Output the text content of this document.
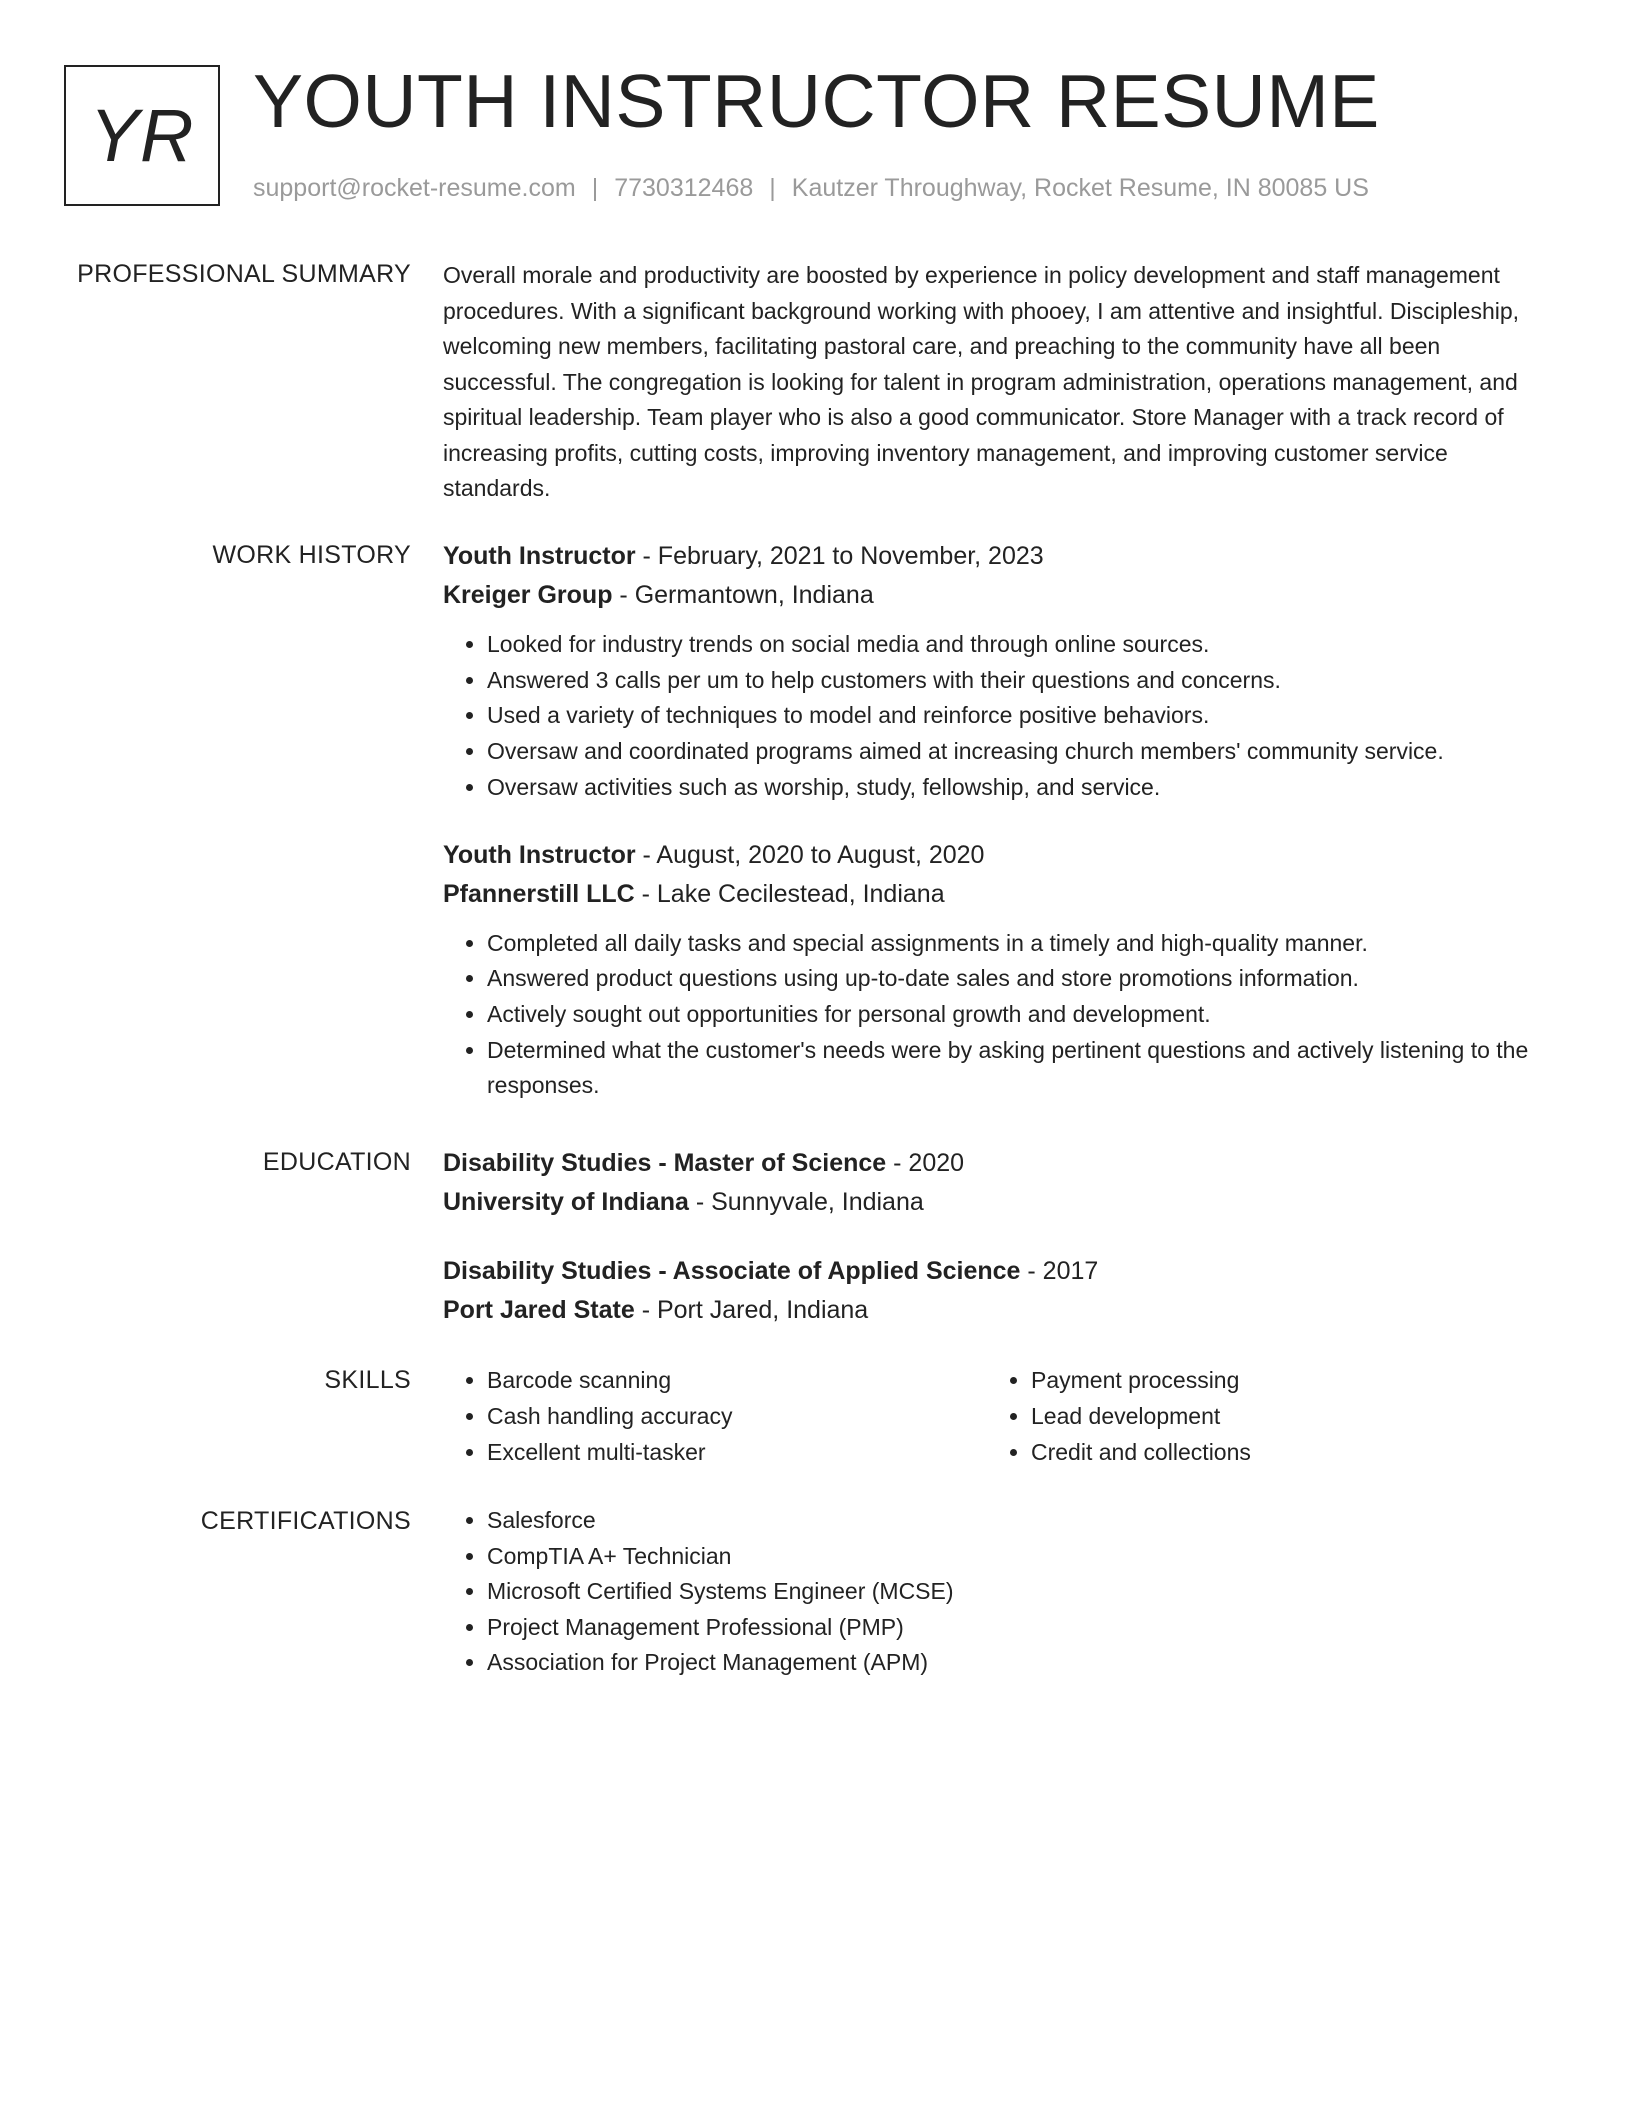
YR YOUTH INSTRUCTOR RESUME
support@rocket-resume.com | 7730312468 | Kautzer Throughway, Rocket Resume, IN 80085 US
PROFESSIONAL SUMMARY Overall morale and productivity are boosted by experience in policy development and staff management procedures. With a significant background working with phooey, I am attentive and insightful. Discipleship, welcoming new members, facilitating pastoral care, and preaching to the community have all been successful. The congregation is looking for talent in program administration, operations management, and spiritual leadership. Team player who is also a good communicator. Store Manager with a track record of increasing profits, cutting costs, improving inventory management, and improving customer service standards.

WORK HISTORY Youth Instructor - February, 2021 to November, 2023

Kreiger Group - Germantown, Indiana

• Looked for industry trends on social media and through online sources.
• Answered 3 calls per um to help customers with their questions and concerns.
• Used a variety of techniques to model and reinforce positive behaviors.
• Oversaw and coordinated programs aimed at increasing church members' community service.
• Oversaw activities such as worship, study, fellowship, and service.

Youth Instructor - August, 2020 to August, 2020

Pfannerstill LLC - Lake Cecilestead, Indiana

• Completed all daily tasks and special assignments in a timely and high-quality manner.
• Answered product questions using up-to-date sales and store promotions information.
• Actively sought out opportunities for personal growth and development.
• Determined what the customer's needs were by asking pertinent questions and actively listening to the responses.
EDUCATION Disability Studies - Master of Science - 2020

University of Indiana - Sunnyvale, Indiana

Disability Studies - Associate of Applied Science - 2017

Port Jared State - Port Jared, Indiana

SKILLS	• Barcode scanning
• Cash handling accuracy
• Excellent multi-tasker
• Payment processing
• Lead development
• Credit and collections
CERTIFICATIONS	• Salesforce
• CompTIA A+ Technician
• Microsoft Certified Systems Engineer (MCSE)
• Project Management Professional (PMP)
• Association for Project Management (APM)
